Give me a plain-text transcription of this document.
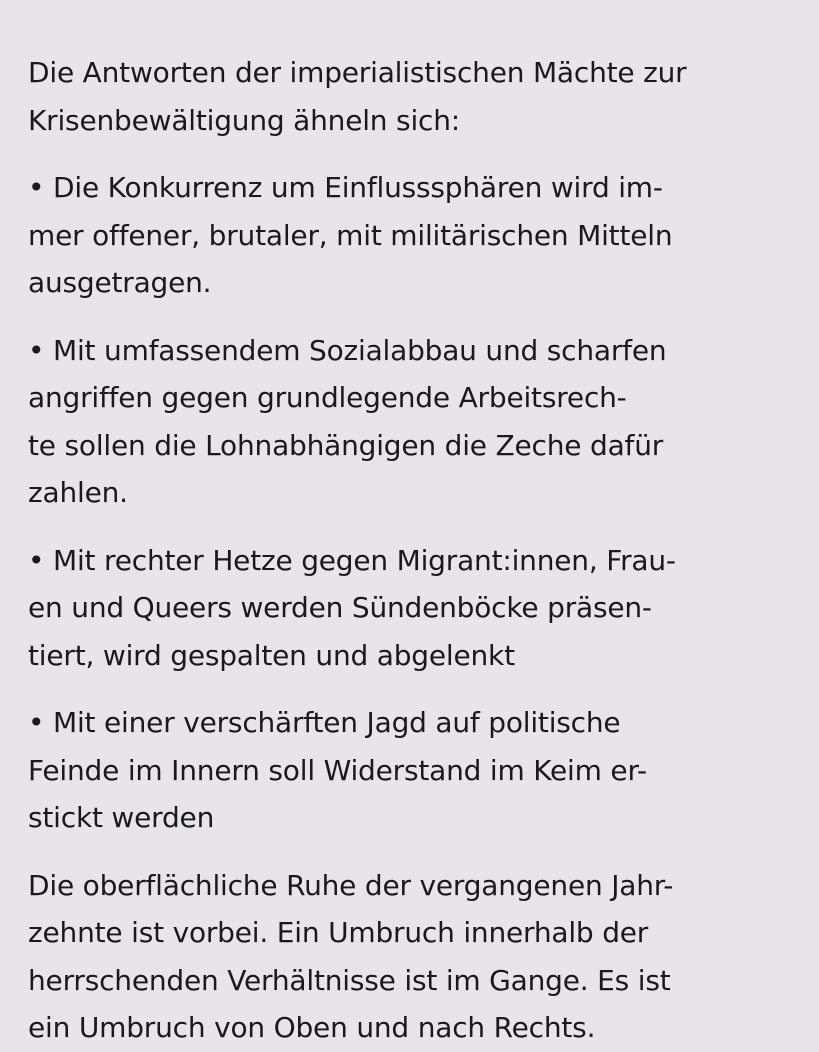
Die Antworten der imperialistischen Mächte zur
Krisenbewältigung ähneln sich:

• Die Konkurrenz um Einflusssphären wird im-
mer offener, brutaler, mit militärischen Mitteln
ausgetragen.

• Mit umfassendem Sozialabbau und scharfen
angriffen gegen grundlegende Arbeitsrech-
te sollen die Lohnabhängigen die Zeche dafür
zahlen.

• Mit rechter Hetze gegen Migrant:innen, Frau-
en und Queers werden Sündenböcke präsen-
tiert, wird gespalten und abgelenkt

• Mit einer verschärften Jagd auf politische
Feinde im Innern soll Widerstand im Keim er-
stickt werden

Die oberflächliche Ruhe der vergangenen Jahr-
zehnte ist vorbei. Ein Umbruch innerhalb der
herrschenden Verhältnisse ist im Gange. Es ist
ein Umbruch von Oben und nach Rechts.
